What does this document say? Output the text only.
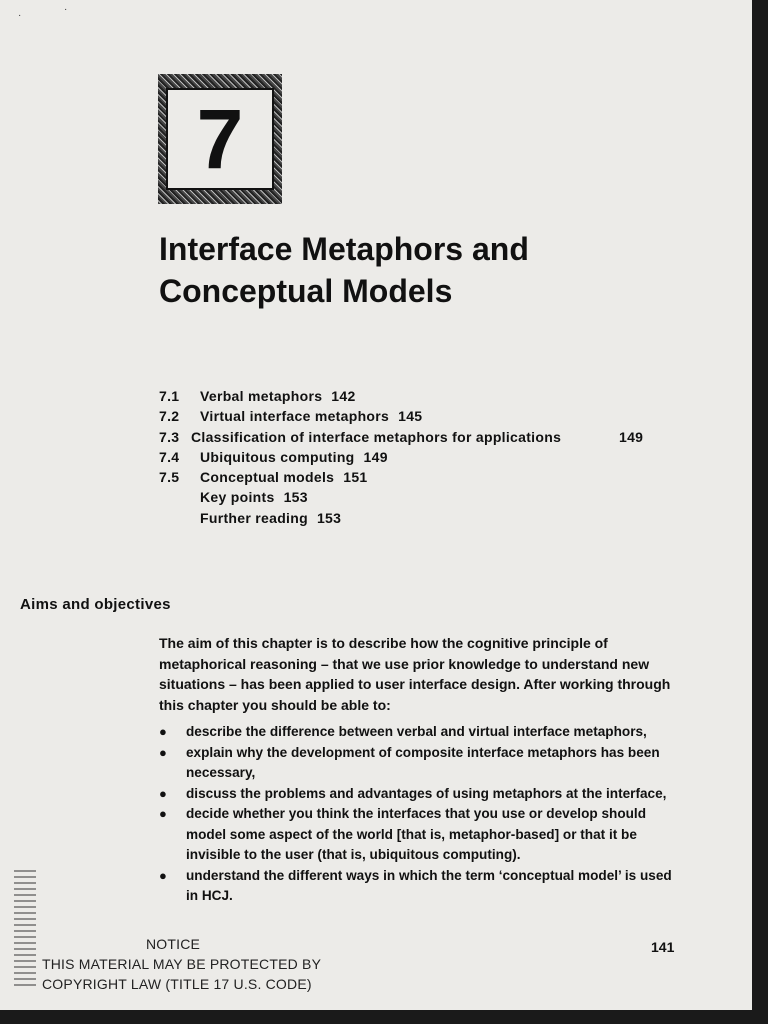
·
·
7
Interface Metaphors and
Conceptual Models
7.1	Verbal metaphors 142
7.2	Virtual interface metaphors 145
7.3 Classification of interface metaphors for applications	149
7.4	Ubiquitous computing 149
7.5	Conceptual models 151
Key points 153
Further reading 153
Aims and objectives

The aim of this chapter is to describe how the cognitive principle of metaphorical reasoning – that we use prior knowledge to understand new situations – has been applied to user interface design. After working through this chapter you should be able to:

● describe the difference between verbal and virtual interface metaphors,
● explain why the development of composite interface metaphors has been necessary,
● discuss the problems and advantages of using metaphors at the interface,
● decide whether you think the interfaces that you use or develop should model some aspect of the world [that is, metaphor-based] or that it be invisible to the user (that is, ubiquitous computing).
● understand the different ways in which the term ‘conceptual model’ is used in HCJ.
NOTICE
THIS MATERIAL MAY BE PROTECTED BY
COPYRIGHT LAW (TITLE 17 U.S. CODE)
141
